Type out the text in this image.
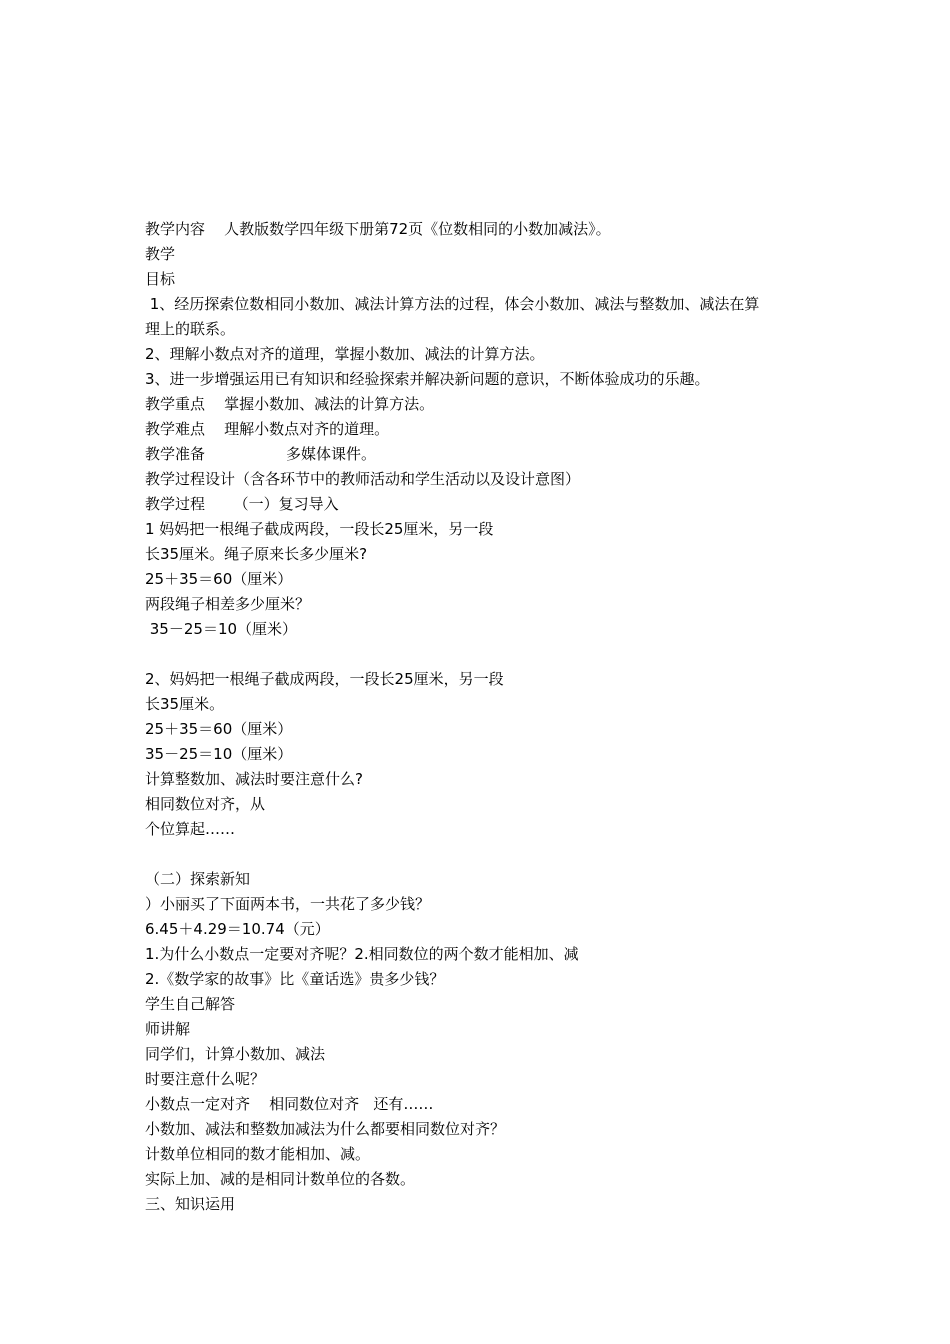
教学内容    人教版数学四年级下册第72页《位数相同的小数加减法》。
教学
目标
1、经历探索位数相同小数加、减法计算方法的过程，体会小数加、减法与整数加、减法在算
理上的联系。
2、理解小数点对齐的道理，掌握小数加、减法的计算方法。
3、进一步增强运用已有知识和经验探索并解决新问题的意识，不断体验成功的乐趣。
教学重点    掌握小数加、减法的计算方法。
教学难点    理解小数点对齐的道理。
教学准备                 多媒体课件。
教学过程设计（含各环节中的教师活动和学生活动以及设计意图）
教学过程      （一）复习导入
1 妈妈把一根绳子截成两段，一段长25厘米，另一段
长35厘米。绳子原来长多少厘米?
25＋35＝60（厘米）
两段绳子相差多少厘米？
35－25＝10（厘米）
2、妈妈把一根绳子截成两段，一段长25厘米，另一段
长35厘米。
25＋35＝60（厘米）
35－25＝10（厘米）
计算整数加、减法时要注意什么?
相同数位对齐，从
个位算起……
（二）探索新知
）小丽买了下面两本书，一共花了多少钱？
6.45＋4.29＝10.74（元）
1.为什么小数点一定要对齐呢？2.相同数位的两个数才能相加、减
2.《数学家的故事》比《童话选》贵多少钱？
学生自己解答
师讲解
同学们，计算小数加、减法
时要注意什么呢？
小数点一定对齐    相同数位对齐   还有……
小数加、减法和整数加减法为什么都要相同数位对齐？
计数单位相同的数才能相加、减。
实际上加、减的是相同计数单位的各数。
三、知识运用
